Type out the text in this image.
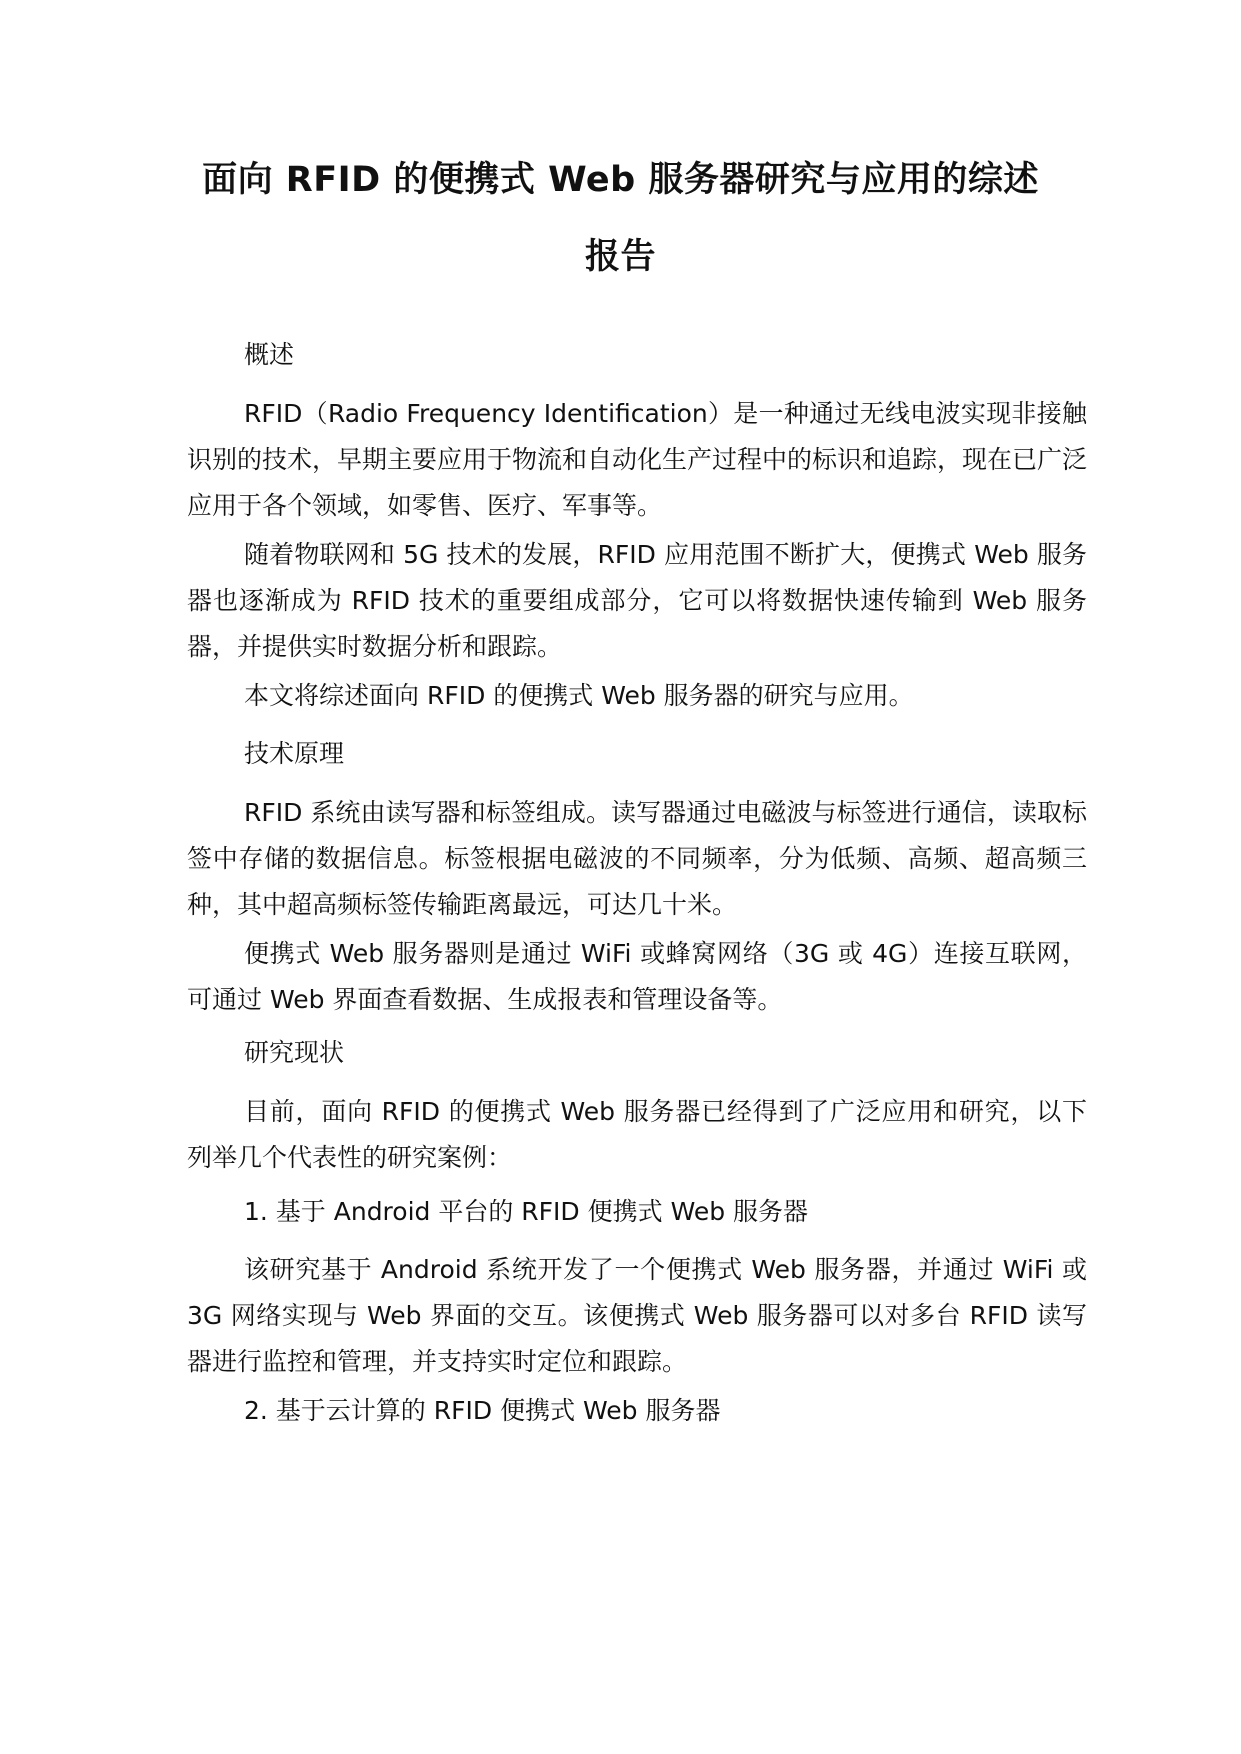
面向 RFID 的便携式 Web 服务器研究与应用的综述
报告
概述
RFID（Radio Frequency Identification）是一种通过无线电波实现非接触识别的技术，早期主要应用于物流和自动化生产过程中的标识和追踪，现在已广泛应用于各个领域，如零售、医疗、军事等。
随着物联网和 5G 技术的发展，RFID 应用范围不断扩大，便携式 Web 服务器也逐渐成为 RFID 技术的重要组成部分，它可以将数据快速传输到 Web 服务器，并提供实时数据分析和跟踪。
本文将综述面向 RFID 的便携式 Web 服务器的研究与应用。
技术原理
RFID 系统由读写器和标签组成。读写器通过电磁波与标签进行通信，读取标签中存储的数据信息。标签根据电磁波的不同频率，分为低频、高频、超高频三种，其中超高频标签传输距离最远，可达几十米。
便携式 Web 服务器则是通过 WiFi 或蜂窝网络（3G 或 4G）连接互联网，可通过 Web 界面查看数据、生成报表和管理设备等。
研究现状
目前，面向 RFID 的便携式 Web 服务器已经得到了广泛应用和研究，以下列举几个代表性的研究案例：
1. 基于 Android 平台的 RFID 便携式 Web 服务器
该研究基于 Android 系统开发了一个便携式 Web 服务器，并通过 WiFi 或 3G 网络实现与 Web 界面的交互。该便携式 Web 服务器可以对多台 RFID 读写器进行监控和管理，并支持实时定位和跟踪。
2. 基于云计算的 RFID 便携式 Web 服务器
